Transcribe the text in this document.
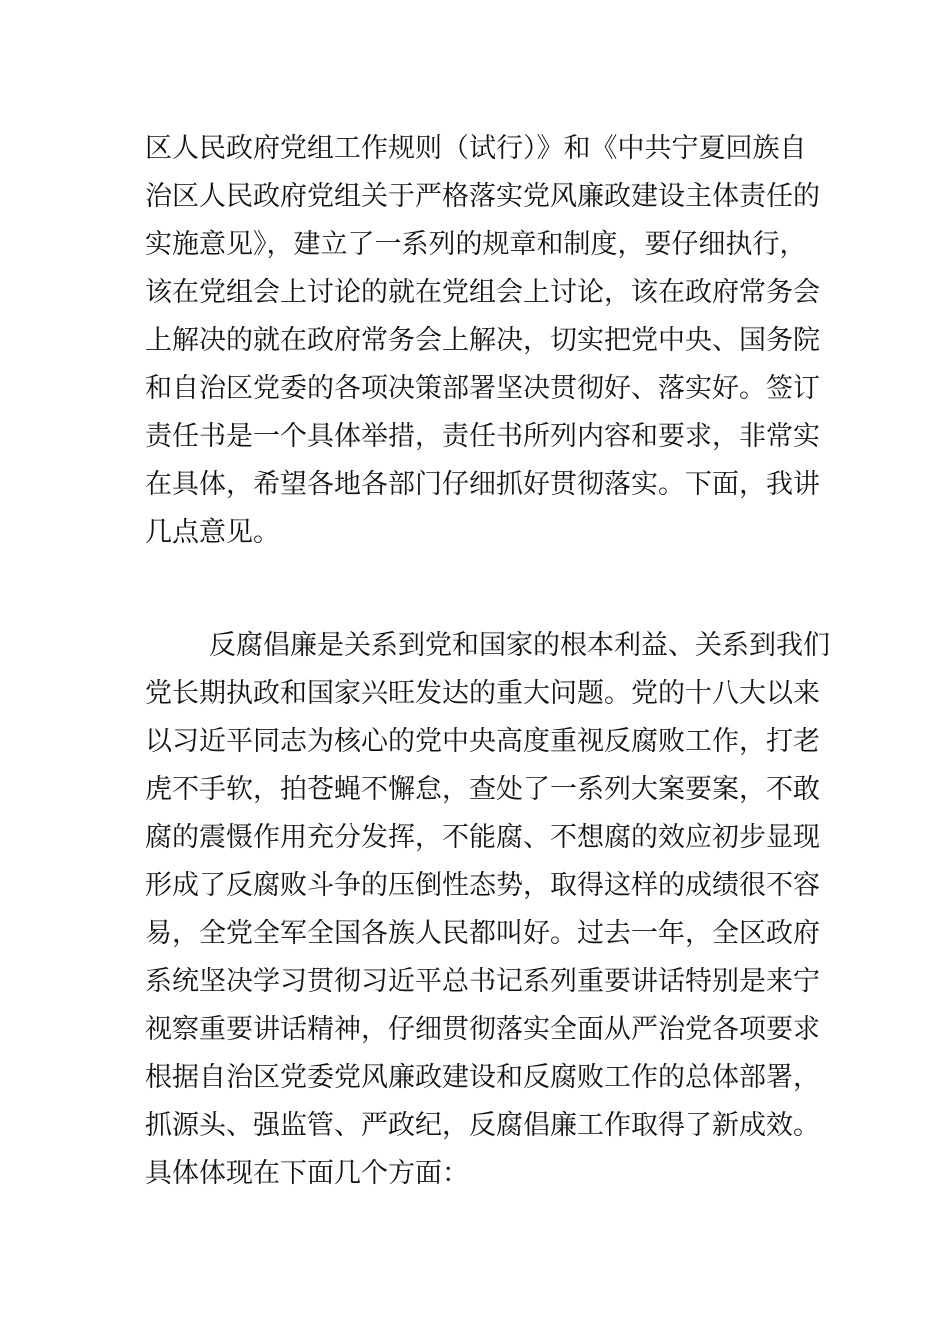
区人民政府党组工作规则（试行）》和《中共宁夏回族自
治区人民政府党组关于严格落实党风廉政建设主体责任的
实施意见》，建立了一系列的规章和制度，要仔细执行，
该在党组会上讨论的就在党组会上讨论，该在政府常务会
上解决的就在政府常务会上解决，切实把党中央、国务院
和自治区党委的各项决策部署坚决贯彻好、落实好。签订
责任书是一个具体举措，责任书所列内容和要求，非常实
在具体，希望各地各部门仔细抓好贯彻落实。下面，我讲
几点意见。
反腐倡廉是关系到党和国家的根本利益、关系到我们
党长期执政和国家兴旺发达的重大问题。党的十八大以来
以习近平同志为核心的党中央高度重视反腐败工作，打老
虎不手软，拍苍蝇不懈怠，查处了一系列大案要案，不敢
腐的震慑作用充分发挥，不能腐、不想腐的效应初步显现
形成了反腐败斗争的压倒性态势，取得这样的成绩很不容
易，全党全军全国各族人民都叫好。过去一年，全区政府
系统坚决学习贯彻习近平总书记系列重要讲话特别是来宁
视察重要讲话精神，仔细贯彻落实全面从严治党各项要求
根据自治区党委党风廉政建设和反腐败工作的总体部署，
抓源头、强监管、严政纪，反腐倡廉工作取得了新成效。
具体体现在下面几个方面：
